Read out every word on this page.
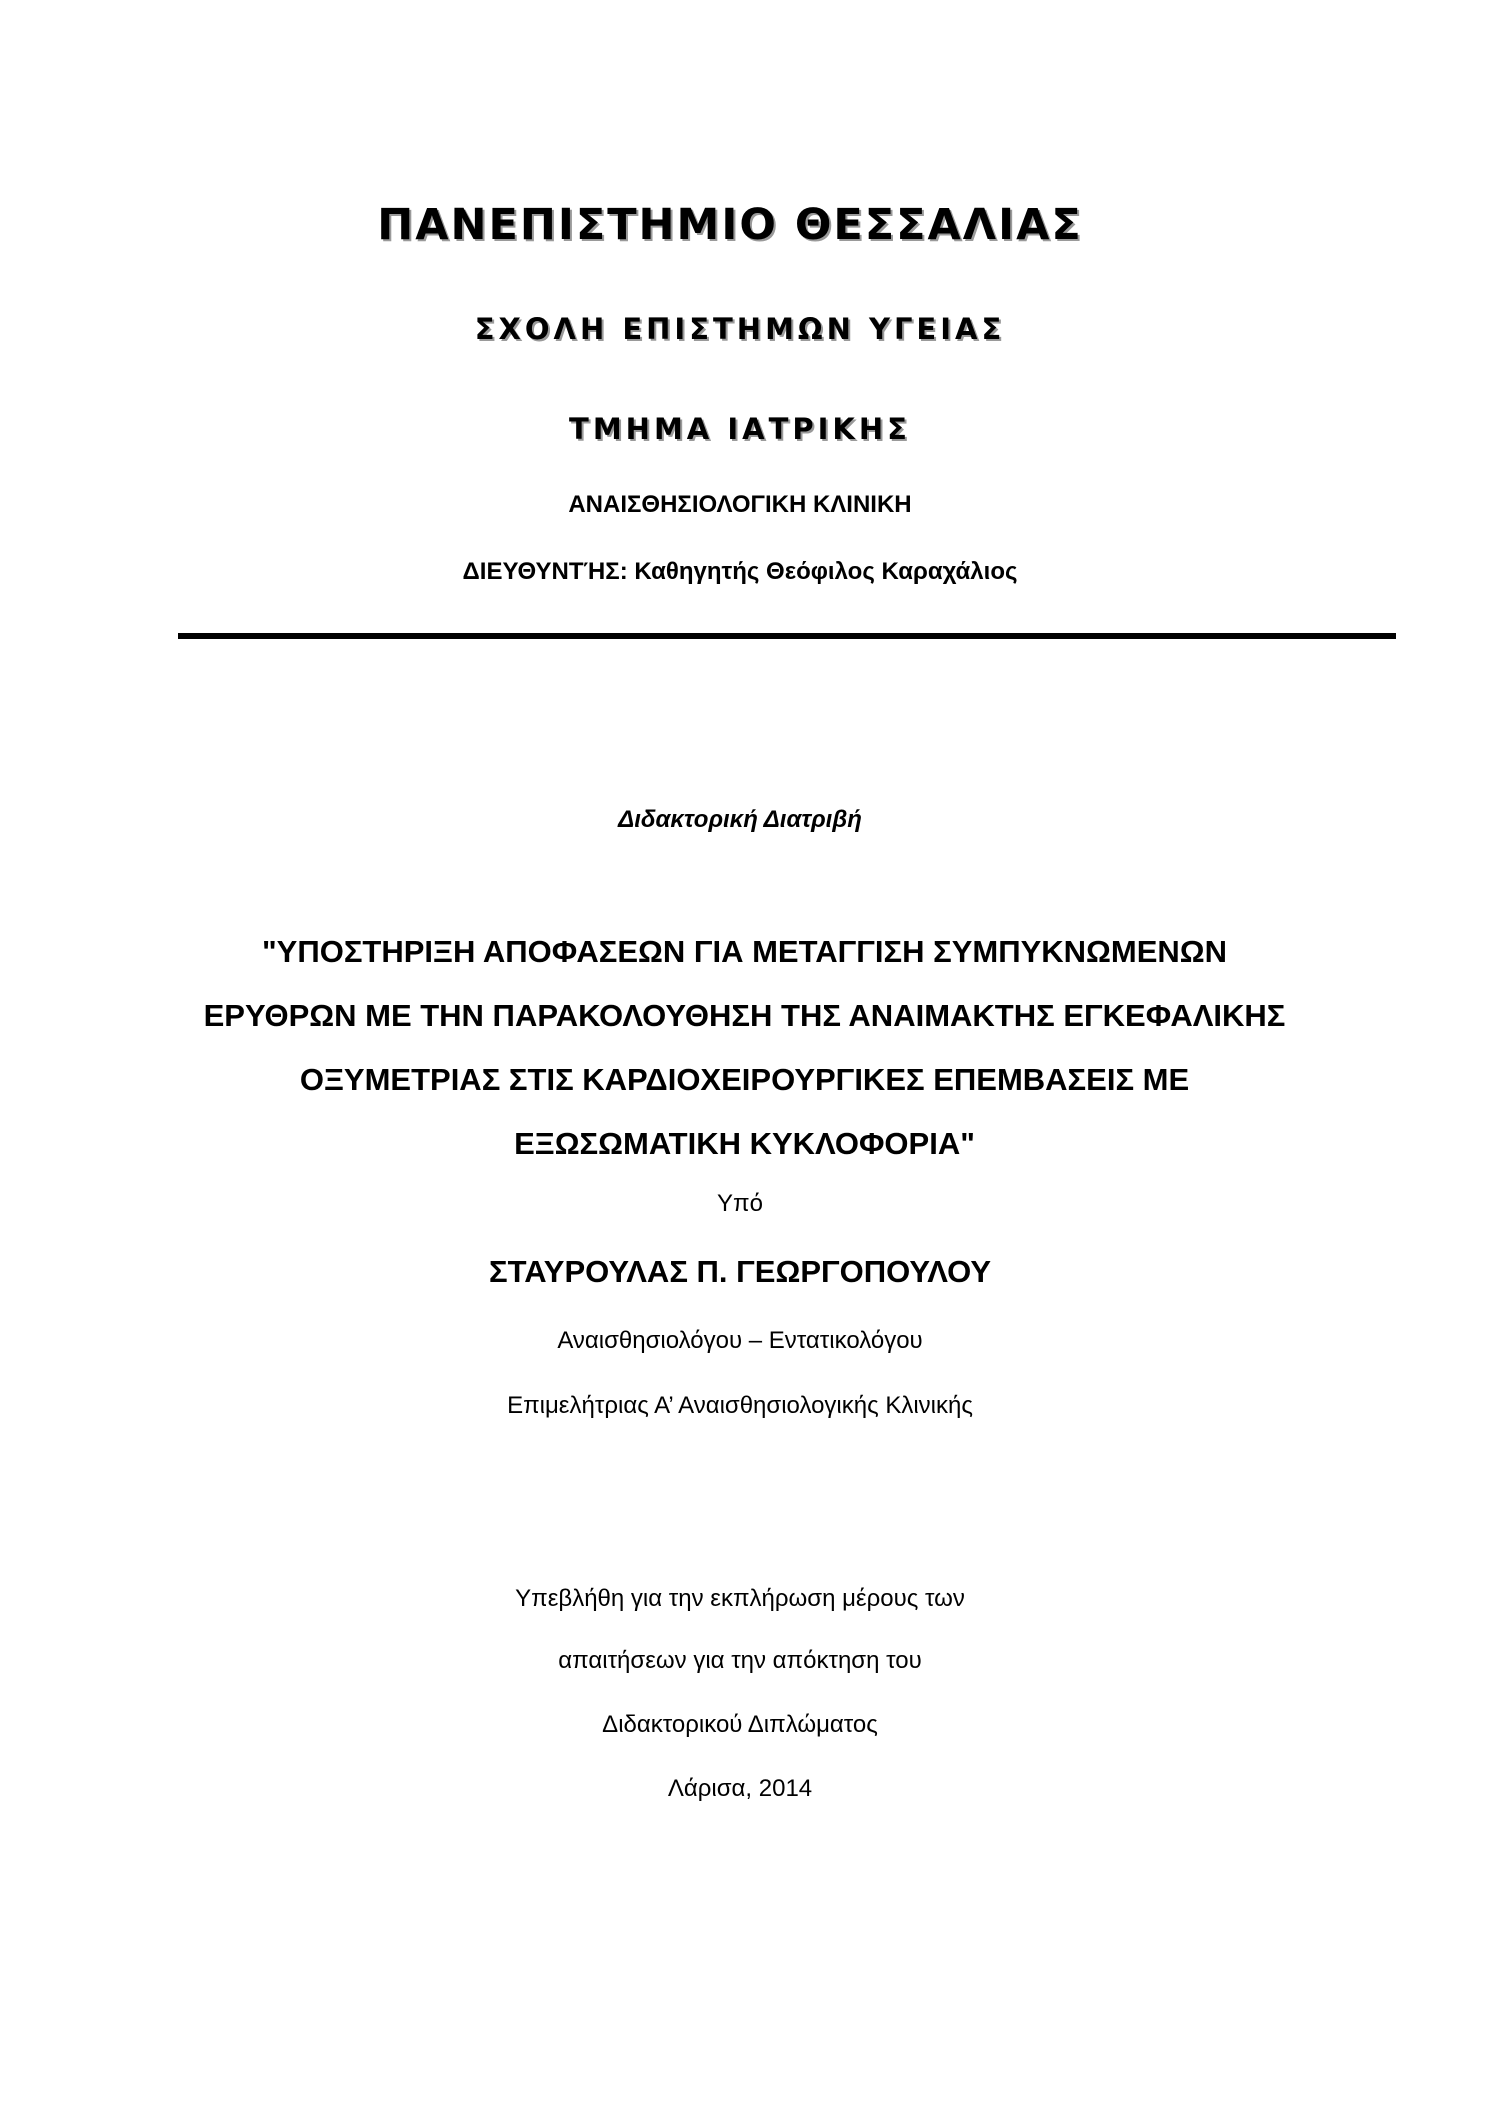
ΠΑΝΕΠΙΣΤΗΜΙΟ ΘΕΣΣΑΛΙΑΣ
ΣΧΟΛΗ ΕΠΙΣΤΗΜΩΝ ΥΓΕΙΑΣ
ΤΜΗΜΑ ΙΑΤΡΙΚΗΣ
ΑΝΑΙΣΘΗΣΙΟΛΟΓΙΚΗ ΚΛΙΝΙΚΗ
ΔΙΕΥΘΥΝΤΉΣ: Καθηγητής Θεόφιλος Καραχάλιος
Διδακτορική Διατριβή
"ΥΠΟΣΤΗΡΙΞΗ ΑΠΟΦΑΣΕΩΝ ΓΙΑ ΜΕΤΑΓΓΙΣΗ ΣΥΜΠΥΚΝΩΜΕΝΩΝ
ΕΡΥΘΡΩΝ ΜΕ ΤΗΝ ΠΑΡΑΚΟΛΟΥΘΗΣΗ ΤΗΣ ΑΝΑΙΜΑΚΤΗΣ ΕΓΚΕΦΑΛΙΚΗΣ
ΟΞΥΜΕΤΡΙΑΣ ΣΤΙΣ ΚΑΡΔΙΟΧΕΙΡΟΥΡΓΙΚΕΣ ΕΠΕΜΒΑΣΕΙΣ ΜΕ
ΕΞΩΣΩΜΑΤΙΚΗ ΚΥΚΛΟΦΟΡΙΑ"
Υπό
ΣΤΑΥΡΟΥΛΑΣ Π. ΓΕΩΡΓΟΠΟΥΛΟΥ
Αναισθησιολόγου – Εντατικολόγου
Επιμελήτριας Α’ Αναισθησιολογικής Κλινικής
Υπεβλήθη για την εκπλήρωση μέρους των
απαιτήσεων για την απόκτηση του
Διδακτορικού Διπλώματος
Λάρισα, 2014
